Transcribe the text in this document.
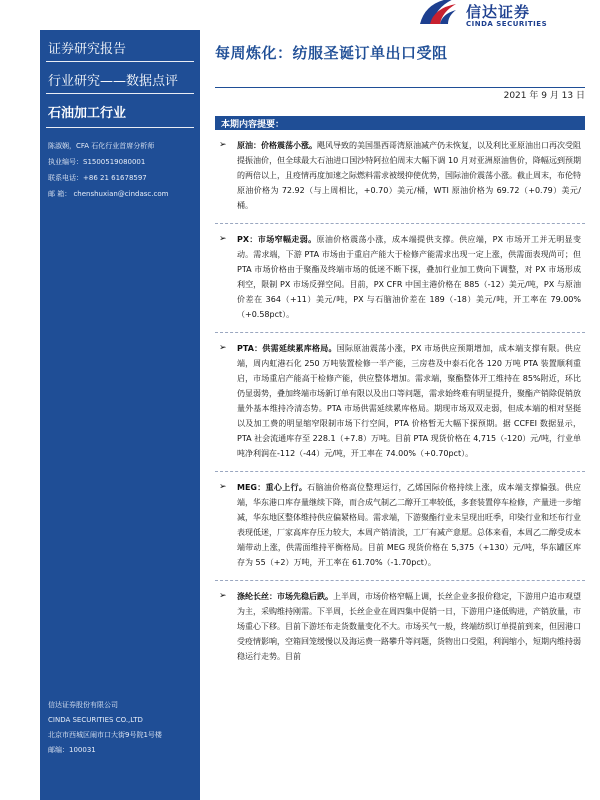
信达证券
CINDA SECURITIES
证券研究报告
行业研究——数据点评
石油加工行业
陈淑娴，CFA 石化行业首席分析师
执业编号：S1500519080001
联系电话：+86 21 61678597
邮 箱： chenshuxian@cindasc.com
信达证券股份有限公司
CINDA SECURITIES CO.,LTD
北京市西城区闹市口大街9号院1号楼
邮编：100031
每周炼化：纺服圣诞订单出口受阻
2021 年 9 月 13 日
本期内容提要：
➢ 原油：价格震荡小涨。飓风导致的美国墨西哥湾原油减产仍未恢复，以及利比亚原油出口再次受阻提振油价，但全球最大石油进口国沙特阿拉伯周末大幅下调 10 月对亚洲原油售价，降幅远到预期的两倍以上，且疫情再度加速之际燃料需求被缓抑使优势，国际油价震荡小涨。截止周末，布伦特原油价格为 72.92（与上周相比，+0.70）美元/桶，WTI 原油价格为 69.72（+0.79）美元/桶。
➢ PX：市场窄幅走弱。原油价格震荡小涨，成本端提供支撑。供应端，PX 市场开工并无明显变动。需求端，下游 PTA 市场由于重启产能大于检修产能需求出现一定上涨，供需面表现尚可；但 PTA 市场价格由于聚酯及终端市场的低迷不断下探，叠加行业加工费向下调整，对 PX 市场形成利空，限制 PX 市场反弹空间。目前，PX CFR 中国主港价格在 885（-12）美元/吨，PX 与原油价差在 364（+11）美元/吨，PX 与石脑油价差在 189（-18）美元/吨，开工率在 79.00%（+0.58pct）。
➢ PTA：供需延续累库格局。国际原油震荡小涨，PX 市场供应预期增加，成本端支撑有限。供应端，周内虹港石化 250 万吨装置检修一半产能，三房巷及中泰石化各 120 万吨 PTA 装置顺利重启，市场重启产能高于检修产能，供应整体增加。需求端，聚酯整体开工维持在 85%附近，环比仍显弱势，叠加终端市场新订单有限以及出口等问题，需求始终难有明显提升，聚酯产销除促销放量外基本维持冷清态势。PTA 市场供需延续累库格局。期现市场双双走弱，但成本端的相对坚挺以及加工费的明显缩窄限制市场下行空间，PTA 价格暂无大幅下探预期。据 CCFEI 数据显示，PTA 社会流通库存至 228.1（+7.8）万吨。目前 PTA 现货价格在 4,715（-120）元/吨，行业单吨净利润在-112（-44）元/吨，开工率在 74.00%（+0.70pct）。
➢ MEG：重心上行。石脑油价格高位整理运行，乙烯国际价格持续上涨，成本端支撑偏强。供应端，华东港口库存量继续下降，而合成气制乙二醇开工率较低，多套装置停车检修，产量进一步缩减，华东地区整体维持供应偏紧格局。需求端，下游聚酯行业未呈现出旺季，印染行业和坯布行业表现低迷，厂家高库存压力较大，本周产销清淡，工厂有减产意愿。总体来看，本周乙二醇受成本端带动上涨，供需面维持平衡格局。目前 MEG 现货价格在 5,375（+130）元/吨，华东罐区库存为 55（+2）万吨，开工率在 61.70%（-1.70pct）。
➢ 涤纶长丝：市场先稳后跌。上半周，市场价格窄幅上调，长丝企业多报价稳定，下游用户追市观望为主，采购维持刚需。下半周，长丝企业在周四集中促销一日，下游用户逢低购进，产销放量，市场重心下移。目前下游坯布走货数量变化不大。市场买气一般，终端纺织订单提前到来，但因港口受疫情影响，空箱回笼缓慢以及海运费一路攀升等问题，货物出口受阻，利润缩小，短期内维持弱稳运行走势。目前
